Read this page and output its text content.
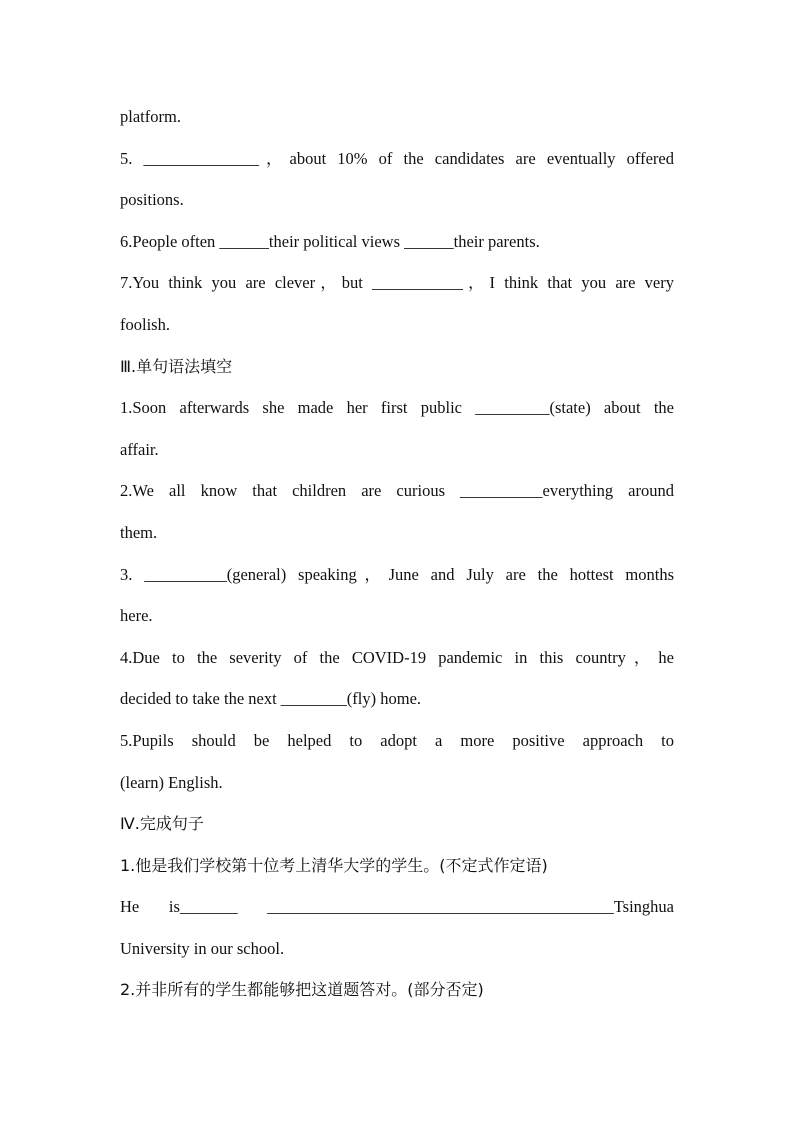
platform.
5. ______________，about 10% of the candidates are eventually offered
positions.
6.People often ______their political views ______their parents.
7.You think you are clever，but ___________，I think that you are very
foolish.
Ⅲ.单句语法填空
1.Soon afterwards she made her first public _________(state) about the
affair.
2.We all know that children are curious __________everything around
them.
3. __________(general) speaking，June and July are the hottest months
here.
4.Due to the severity of the COVID-19 pandemic in this country，he
decided to take the next ________(fly) home.
5.Pupils should be helped to adopt a more positive approach to
(learn) English.
Ⅳ.完成句子
1.他是我们学校第十位考上清华大学的学生。(不定式作定语)
He is_______ __________________________________________Tsinghua
University in our school.
2.并非所有的学生都能够把这道题答对。(部分否定)
